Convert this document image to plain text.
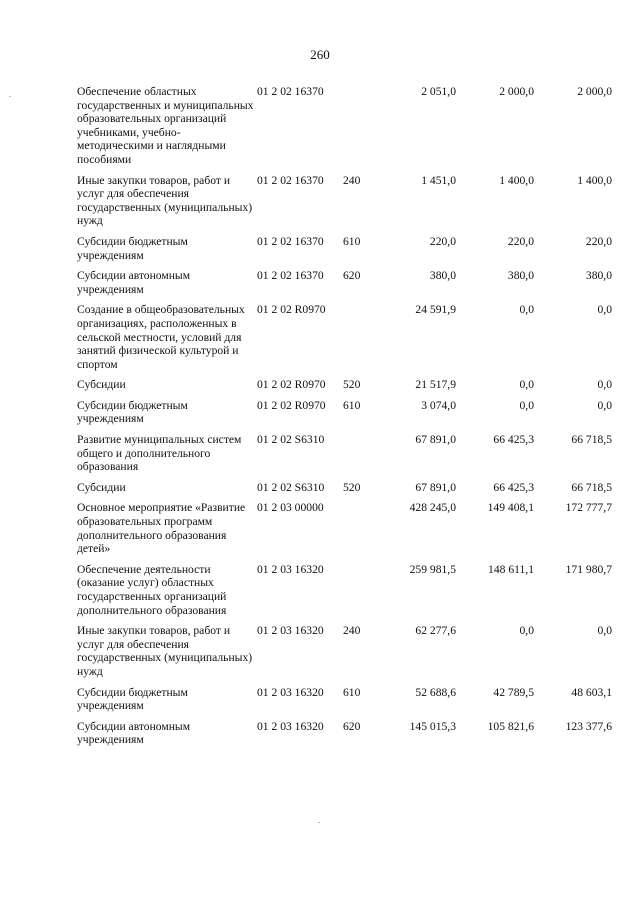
260
Обеспечение областных государственных и муниципальных образовательных организаций учебниками, учебно-методическими и наглядными пособиями	01 2 02 16370		2 051,0	2 000,0	2 000,0
Иные закупки товаров, работ и услуг для обеспечения государственных (муниципальных) нужд	01 2 02 16370	240	1 451,0	1 400,0	1 400,0
Субсидии бюджетным учреждениям	01 2 02 16370	610	220,0	220,0	220,0
Субсидии автономным учреждениям	01 2 02 16370	620	380,0	380,0	380,0
Создание в общеобразовательных организациях, расположенных в сельской местности, условий для занятий физической культурой и спортом	01 2 02 R0970		24 591,9	0,0	0,0
Субсидии	01 2 02 R0970	520	21 517,9	0,0	0,0
Субсидии бюджетным учреждениям	01 2 02 R0970	610	3 074,0	0,0	0,0
Развитие муниципальных систем общего и дополнительного образования	01 2 02 S6310		67 891,0	66 425,3	66 718,5
Субсидии	01 2 02 S6310	520	67 891,0	66 425,3	66 718,5
Основное мероприятие «Развитие образовательных программ дополнительного образования детей»	01 2 03 00000		428 245,0	149 408,1	172 777,7
Обеспечение деятельности (оказание услуг) областных государственных организаций дополнительного образования	01 2 03 16320		259 981,5	148 611,1	171 980,7
Иные закупки товаров, работ и услуг для обеспечения государственных (муниципальных) нужд	01 2 03 16320	240	62 277,6	0,0	0,0
Субсидии бюджетным учреждениям	01 2 03 16320	610	52 688,6	42 789,5	48 603,1
Субсидии автономным учреждениям	01 2 03 16320	620	145 015,3	105 821,6	123 377,6
